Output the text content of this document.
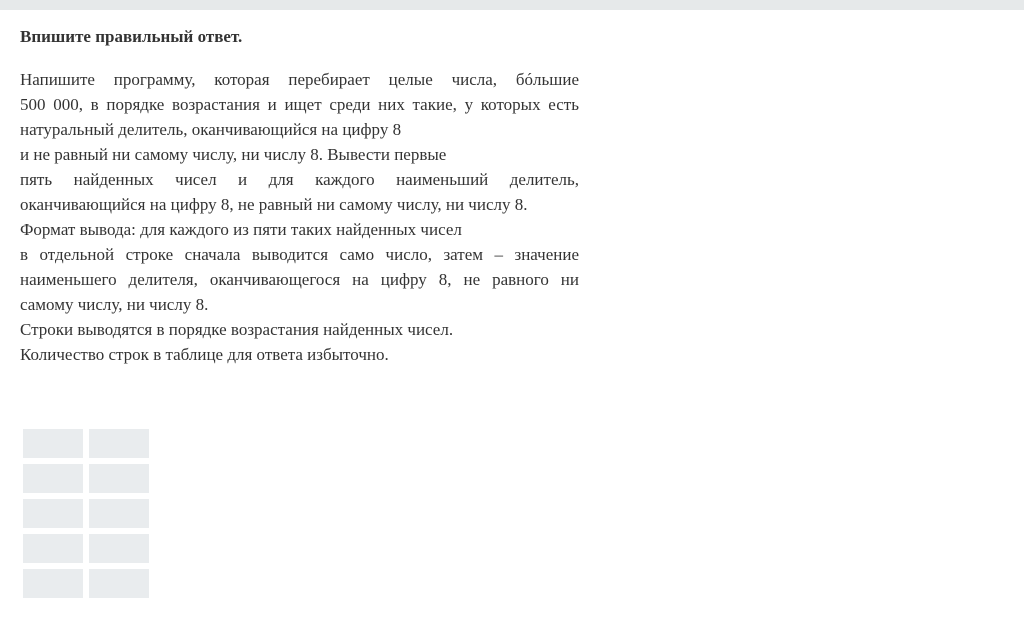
Впишите правильный ответ.
Напишите программу, которая перебирает целые числа, бóльшие
500 000, в порядке возрастания и ищет среди них такие, у которых есть
натуральный делитель, оканчивающийся на цифру 8
и не равный ни самому числу, ни числу 8. Вывести первые
пять найденных чисел и для каждого наименьший делитель,
оканчивающийся на цифру 8, не равный ни самому числу, ни числу 8.
Формат вывода: для каждого из пяти таких найденных чисел
в отдельной строке сначала выводится само число, затем – значение
наименьшего делителя, оканчивающегося на цифру 8, не равного ни
самому числу, ни числу 8.
Строки выводятся в порядке возрастания найденных чисел.
Количество строк в таблице для ответа избыточно.
